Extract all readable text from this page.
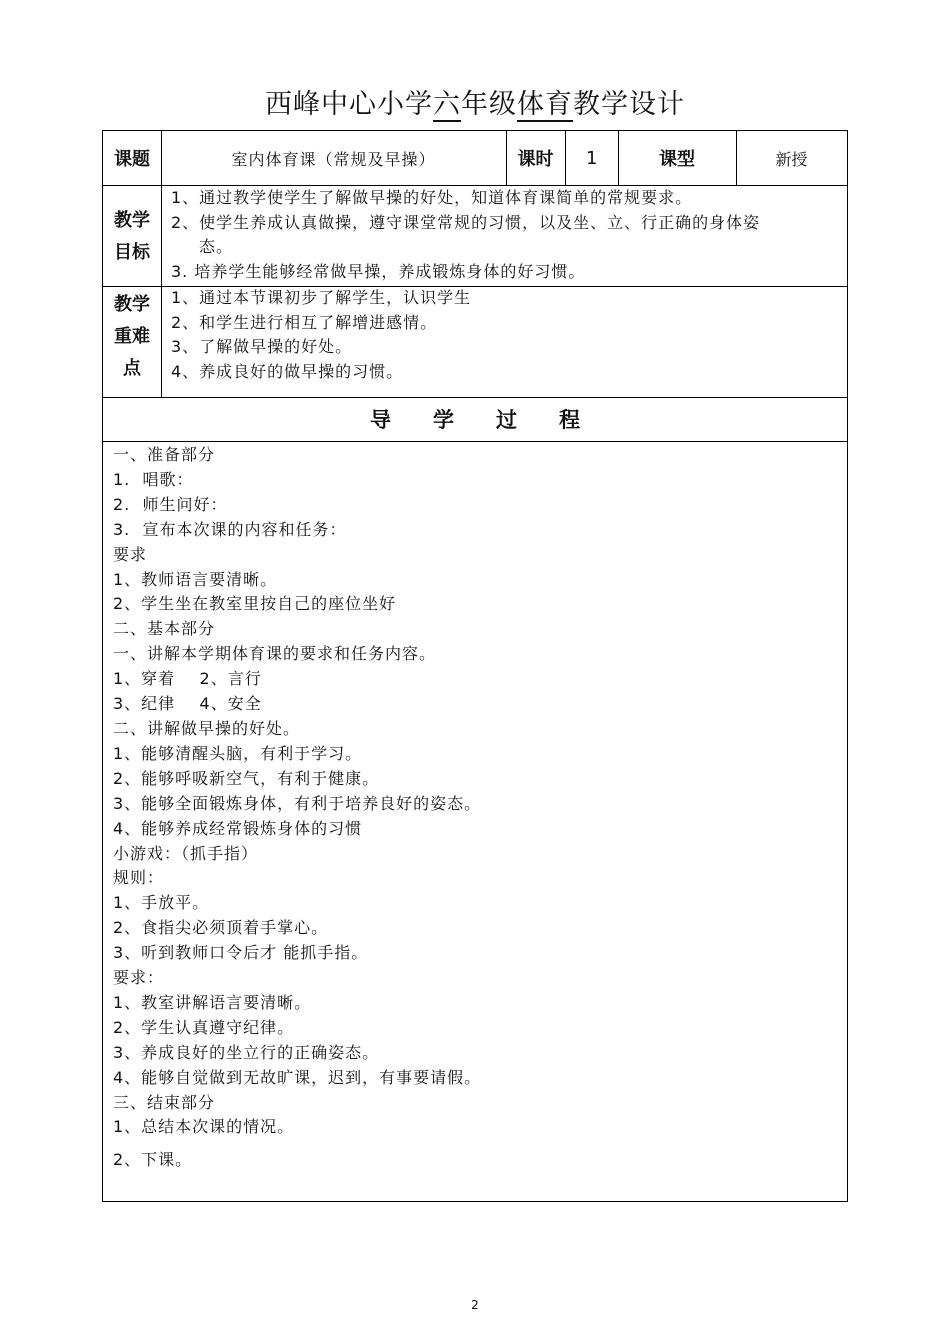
西峰中心小学六年级体育教学设计
课题	室内体育课（常规及早操）	课时	1	课型	新授
教学
目标
1、通过教学使学生了解做早操的好处，知道体育课简单的常规要求。
2、使学生养成认真做操，遵守课堂常规的习惯，以及坐、立、行正确的身体姿
态。
3. 培养学生能够经常做早操，养成锻炼身体的好习惯。
教学
重难
点
1、通过本节课初步了解学生，认识学生
2、和学生进行相互了解增进感情。
3、了解做早操的好处。
4、养成良好的做早操的习惯。
导　　学　　过　　程
一、准备部分
1.  唱歌：
2.  师生问好：
3.  宣布本次课的内容和任务：
要求
1、教师语言要清晰。
2、学生坐在教室里按自己的座位坐好
二、基本部分
一、讲解本学期体育课的要求和任务内容。
1、穿着    2、言行
3、纪律    4、安全
二、讲解做早操的好处。
1、能够清醒头脑，有利于学习。
2、能够呼吸新空气，有利于健康。
3、能够全面锻炼身体，有利于培养良好的姿态。
4、能够养成经常锻炼身体的习惯
小游戏：（抓手指）
规则：
1、手放平。
2、食指尖必须顶着手掌心。
3、听到教师口令后才 能抓手指。
要求：
1、教室讲解语言要清晰。
2、学生认真遵守纪律。
3、养成良好的坐立行的正确姿态。
4、能够自觉做到无故旷课，迟到，有事要请假。
三、结束部分
1、总结本次课的情况。
2、下课。
2
